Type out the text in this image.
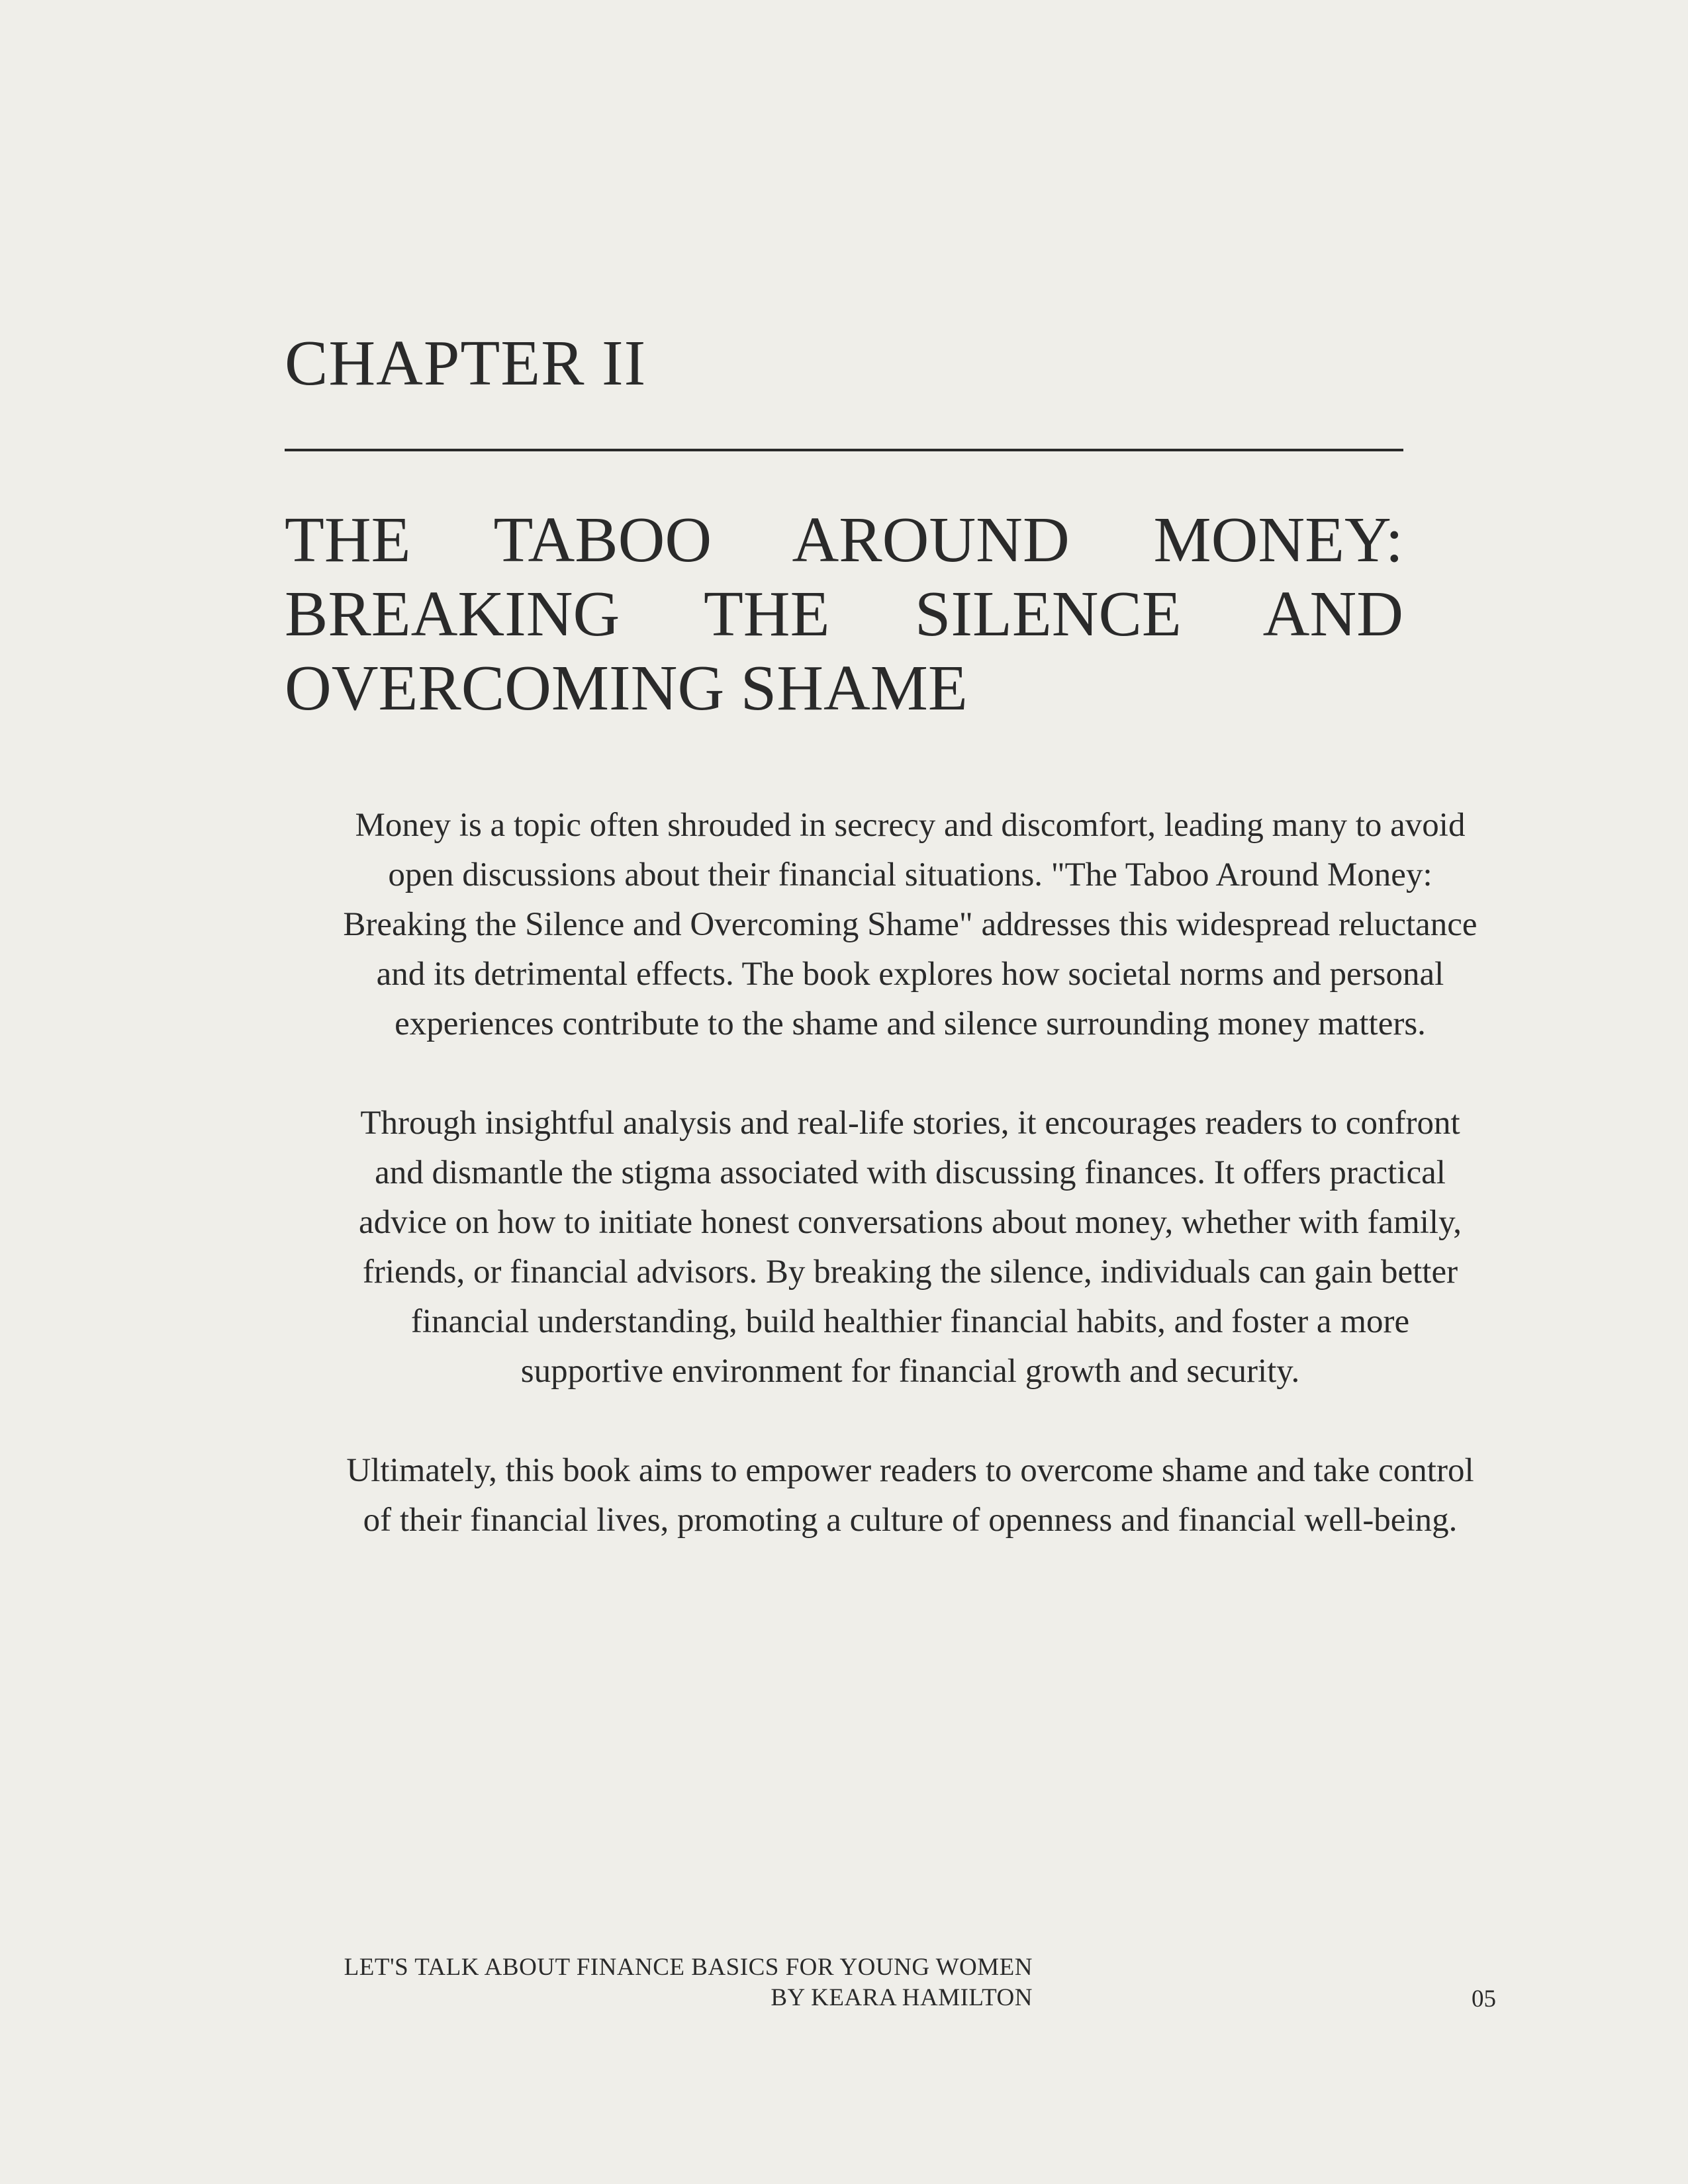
CHAPTER II
THE TABOO AROUND MONEY:
BREAKING THE SILENCE AND
OVERCOMING SHAME

Money is a topic often shrouded in secrecy and discomfort, leading many to avoid open discussions about their financial situations. "The Taboo Around Money: Breaking the Silence and Overcoming Shame" addresses this widespread reluctance and its detrimental effects. The book explores how societal norms and personal experiences contribute to the shame and silence surrounding money matters.

Through insightful analysis and real-life stories, it encourages readers to confront and dismantle the stigma associated with discussing finances. It offers practical advice on how to initiate honest conversations about money, whether with family, friends, or financial advisors. By breaking the silence, individuals can gain better financial understanding, build healthier financial habits, and foster a more supportive environment for financial growth and security.

Ultimately, this book aims to empower readers to overcome shame and take control of their financial lives, promoting a culture of openness and financial well-being.

LET'S TALK ABOUT FINANCE BASICS FOR YOUNG WOMEN
BY KEARA HAMILTON	05
